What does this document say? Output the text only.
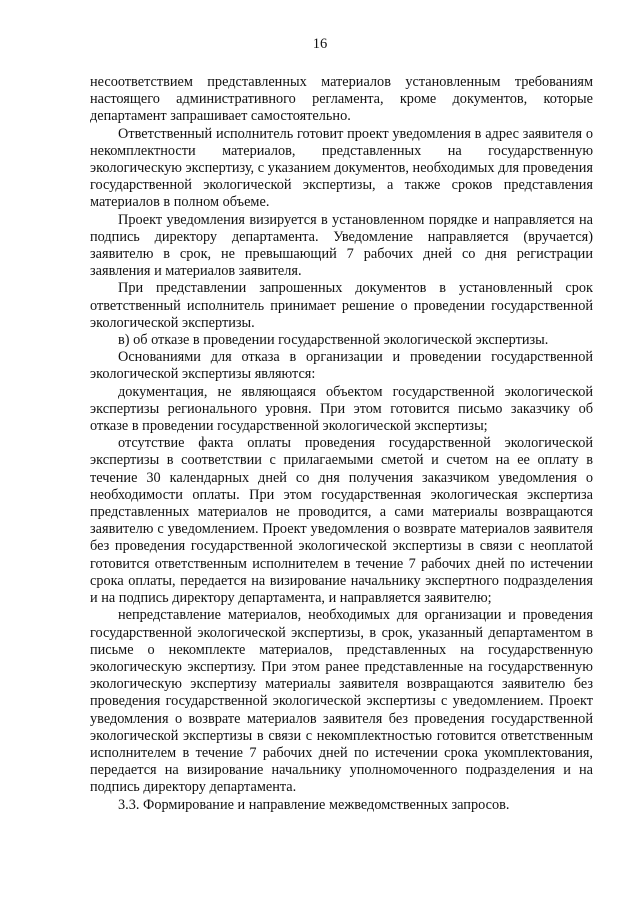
16

несоответствием представленных материалов установленным требованиям настоящего административного регламента, кроме документов, которые департамент запрашивает самостоятельно.

Ответственный исполнитель готовит проект уведомления в адрес заявителя о некомплектности материалов, представленных на государственную экологическую экспертизу, с указанием документов, необходимых для проведения государственной экологической экспертизы, а также сроков представления материалов в полном объеме.

Проект уведомления визируется в установленном порядке и направляется на подпись директору департамента. Уведомление направляется (вручается) заявителю в срок, не превышающий 7 рабочих дней со дня регистрации заявления и материалов заявителя.

При представлении запрошенных документов в установленный срок ответственный исполнитель принимает решение о проведении государственной экологической экспертизы.

в) об отказе в проведении государственной экологической экспертизы.

Основаниями для отказа в организации и проведении государственной экологической экспертизы являются:

документация, не являющаяся объектом государственной экологической экспертизы регионального уровня. При этом готовится письмо заказчику об отказе в проведении государственной экологической экспертизы;

отсутствие факта оплаты проведения государственной экологической экспертизы в соответствии с прилагаемыми сметой и счетом на ее оплату в течение 30 календарных дней со дня получения заказчиком уведомления о необходимости оплаты. При этом государственная экологическая экспертиза представленных материалов не проводится, а сами материалы возвращаются заявителю с уведомлением. Проект уведомления о возврате материалов заявителя без проведения государственной экологической экспертизы в связи с неоплатой готовится ответственным исполнителем в течение 7 рабочих дней по истечении срока оплаты, передается на визирование начальнику экспертного подразделения и на подпись директору департамента, и направляется заявителю;

непредставление материалов, необходимых для организации и проведения государственной экологической экспертизы, в срок, указанный департаментом в письме о некомплекте материалов, представленных на государственную экологическую экспертизу. При этом ранее представленные на государственную экологическую экспертизу материалы заявителя возвращаются заявителю без проведения государственной экологической экспертизы с уведомлением. Проект уведомления о возврате материалов заявителя без проведения государственной экологической экспертизы в связи с некомплектностью готовится ответственным исполнителем в течение 7 рабочих дней по истечении срока укомплектования, передается на визирование начальнику уполномоченного подразделения и на подпись директору департамента.

3.3. Формирование и направление межведомственных запросов.
